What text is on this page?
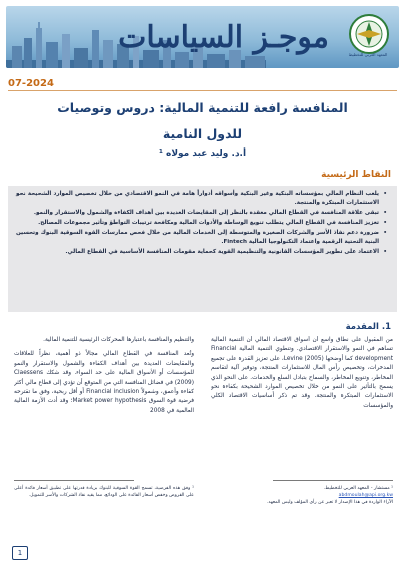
موجـز السياسات	المعهد العربي للتخطيط
07-2024
المنافسة رافعة للتنمية المالية: دروس وتوصيات
للدول النامية
أ.د. وليد عبد مولاه ¹
النقاط الرئيسية
• يلعب النظام المالي بمؤسساته البنكية وغير البنكية وأسواقه أدواراً هامة في النمو الاقتصادي من خلال تخصيص الموارد الشحيحة نحو الاستثمارات المبتكرة والمنتجة.
• تبقى علاقة المنافسة في القطاع المالي معقدة بالنظر إلى المقايضات العديدة بين أهداف الكفاءة والشمول والاستقرار والنمو.
• تعزيز المنافسة في القطاع المالي يتطلب تنويع الوساطة والأدوات المالية ومكافحة ترتيبات التواطؤ وتأثير مجموعات المصالح.
• ضرورة دعم نفاذ الأسر والشركات الصغيرة والمتوسطة إلى الخدمات المالية من خلال فحص ممارسات القوة السوقية البنوك وتحسين البنية التحتية الرقمية واعتماد التكنولوجيا المالية Fintech.
• الاعتماد على تطوير المؤسسات القانونية والتنظيمية القوية كحماية مقومات المنافسة الأساسية في القطاع المالي.
1. المقدمة

من المقبول على نطاق واسع أن أسواق الاقتصاد المالي أن التنمية المالية تساهم في النمو والاستقرار الاقتصادي. وتنطوي التنمية المالية Financial development كما أوضحها Levine (2005)، على تعزيز القدرة على تجميع المدخرات، وتخصيص رأس المال للاستثمارات المنتجة، وتوفير آلية لتقاسم المخاطر، وتنويع المخاطر، والسماح بتبادل السلع والخدمات. على النحو الذي يسمح بالتأثير على النمو من خلال تخصيص الموارد الشحيحة بكفاءة نحو الاستثمارات المبتكرة والمنتجة. وقد تم ذكر أساسيات الاقتصاد الكلي والمؤسسات

والتنظيم والمنافسة باعتبارها المحركات الرئيسية للتنمية المالية.

وتُعد المنافسة في القطاع المالي مجالاً ذو أهمية، نظراً للعلاقات والمقايضات العديدة بين أهداف الكفاءة والشمول والاستقرار والنمو للمؤسسات أو الأسواق المالية على حد السواء. وقد شكك Claessens (2009) في فضائل المنافسة التي من المتوقع أن تؤدي إلى قطاع مالي أكثر كفاءة وأعمق، وشمولاً Financial inclusion أو أقل ربحية، وفق ما تقترحه فرضية قوة السوق Market power hypothesis؛ وقد أدت الأزمة المالية العالمية في 2008

¹ مستشار - المعهد العربي للتخطيط.
abdmoulah@api.org.kw
الآراء الواردة في هذا الإصدار لا تعبر عن رأي المؤلف وليس المعهد.
¹ وفق هذه الفرضية، تسمح القوة السوقية للبنوك بزيادة قدرتها على تطبيق أسعار فائدة أعلى على القروض وخفض أسعار الفائدة على الودائع، مما يقيد نفاذ الشركات والأسر للتمويل.
1
